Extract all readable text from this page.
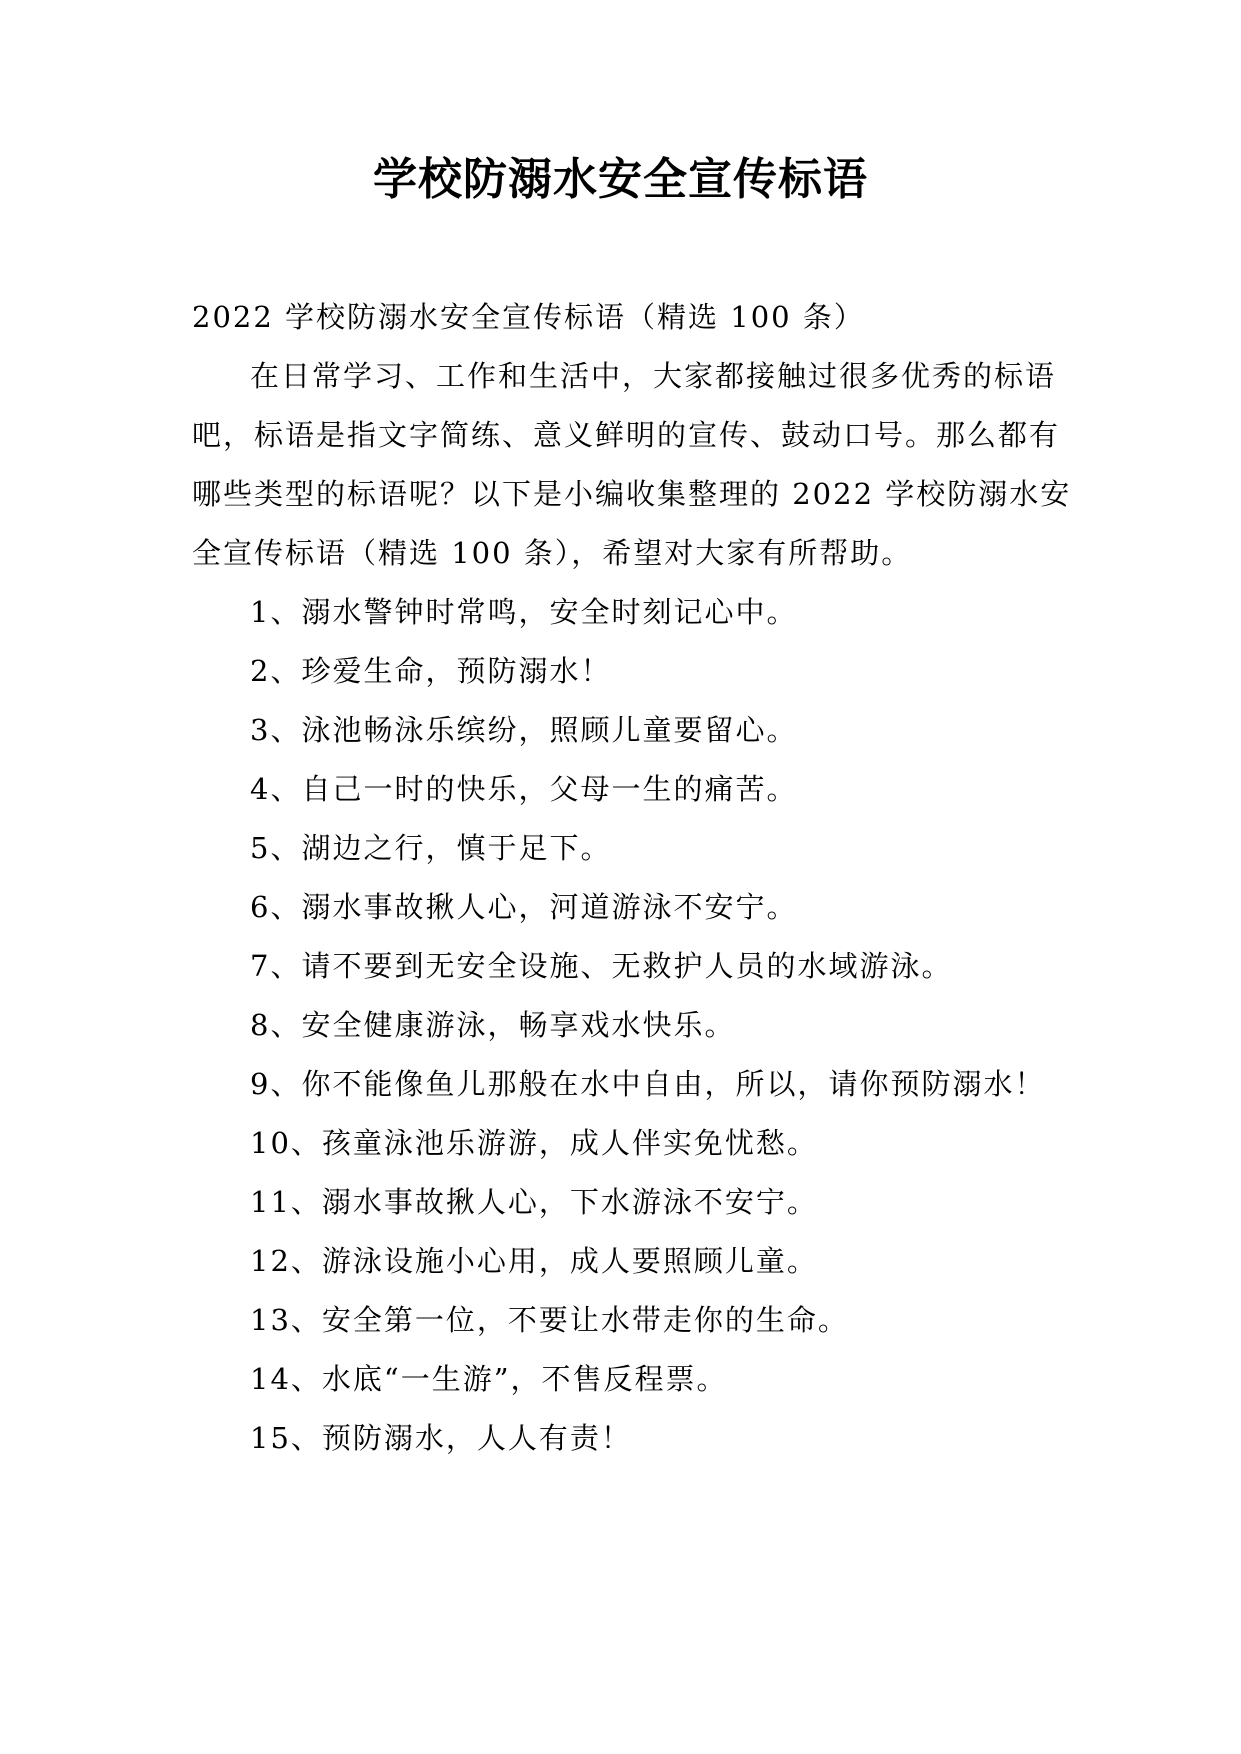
学校防溺水安全宣传标语

2022 学校防溺水安全宣传标语（精选 100 条）

在日常学习、工作和生活中，大家都接触过很多优秀的标语吧，标语是指文字简练、意义鲜明的宣传、鼓动口号。那么都有哪些类型的标语呢？以下是小编收集整理的 2022 学校防溺水安全宣传标语（精选 100 条），希望对大家有所帮助。

1、溺水警钟时常鸣，安全时刻记心中。

2、珍爱生命，预防溺水！

3、泳池畅泳乐缤纷，照顾儿童要留心。

4、自己一时的快乐，父母一生的痛苦。

5、湖边之行，慎于足下。

6、溺水事故揪人心，河道游泳不安宁。

7、请不要到无安全设施、无救护人员的水域游泳。

8、安全健康游泳，畅享戏水快乐。

9、你不能像鱼儿那般在水中自由，所以，请你预防溺水！

10、孩童泳池乐游游，成人伴实免忧愁。

11、溺水事故揪人心，下水游泳不安宁。

12、游泳设施小心用，成人要照顾儿童。

13、安全第一位，不要让水带走你的生命。

14、水底“一生游”，不售反程票。

15、预防溺水，人人有责！
